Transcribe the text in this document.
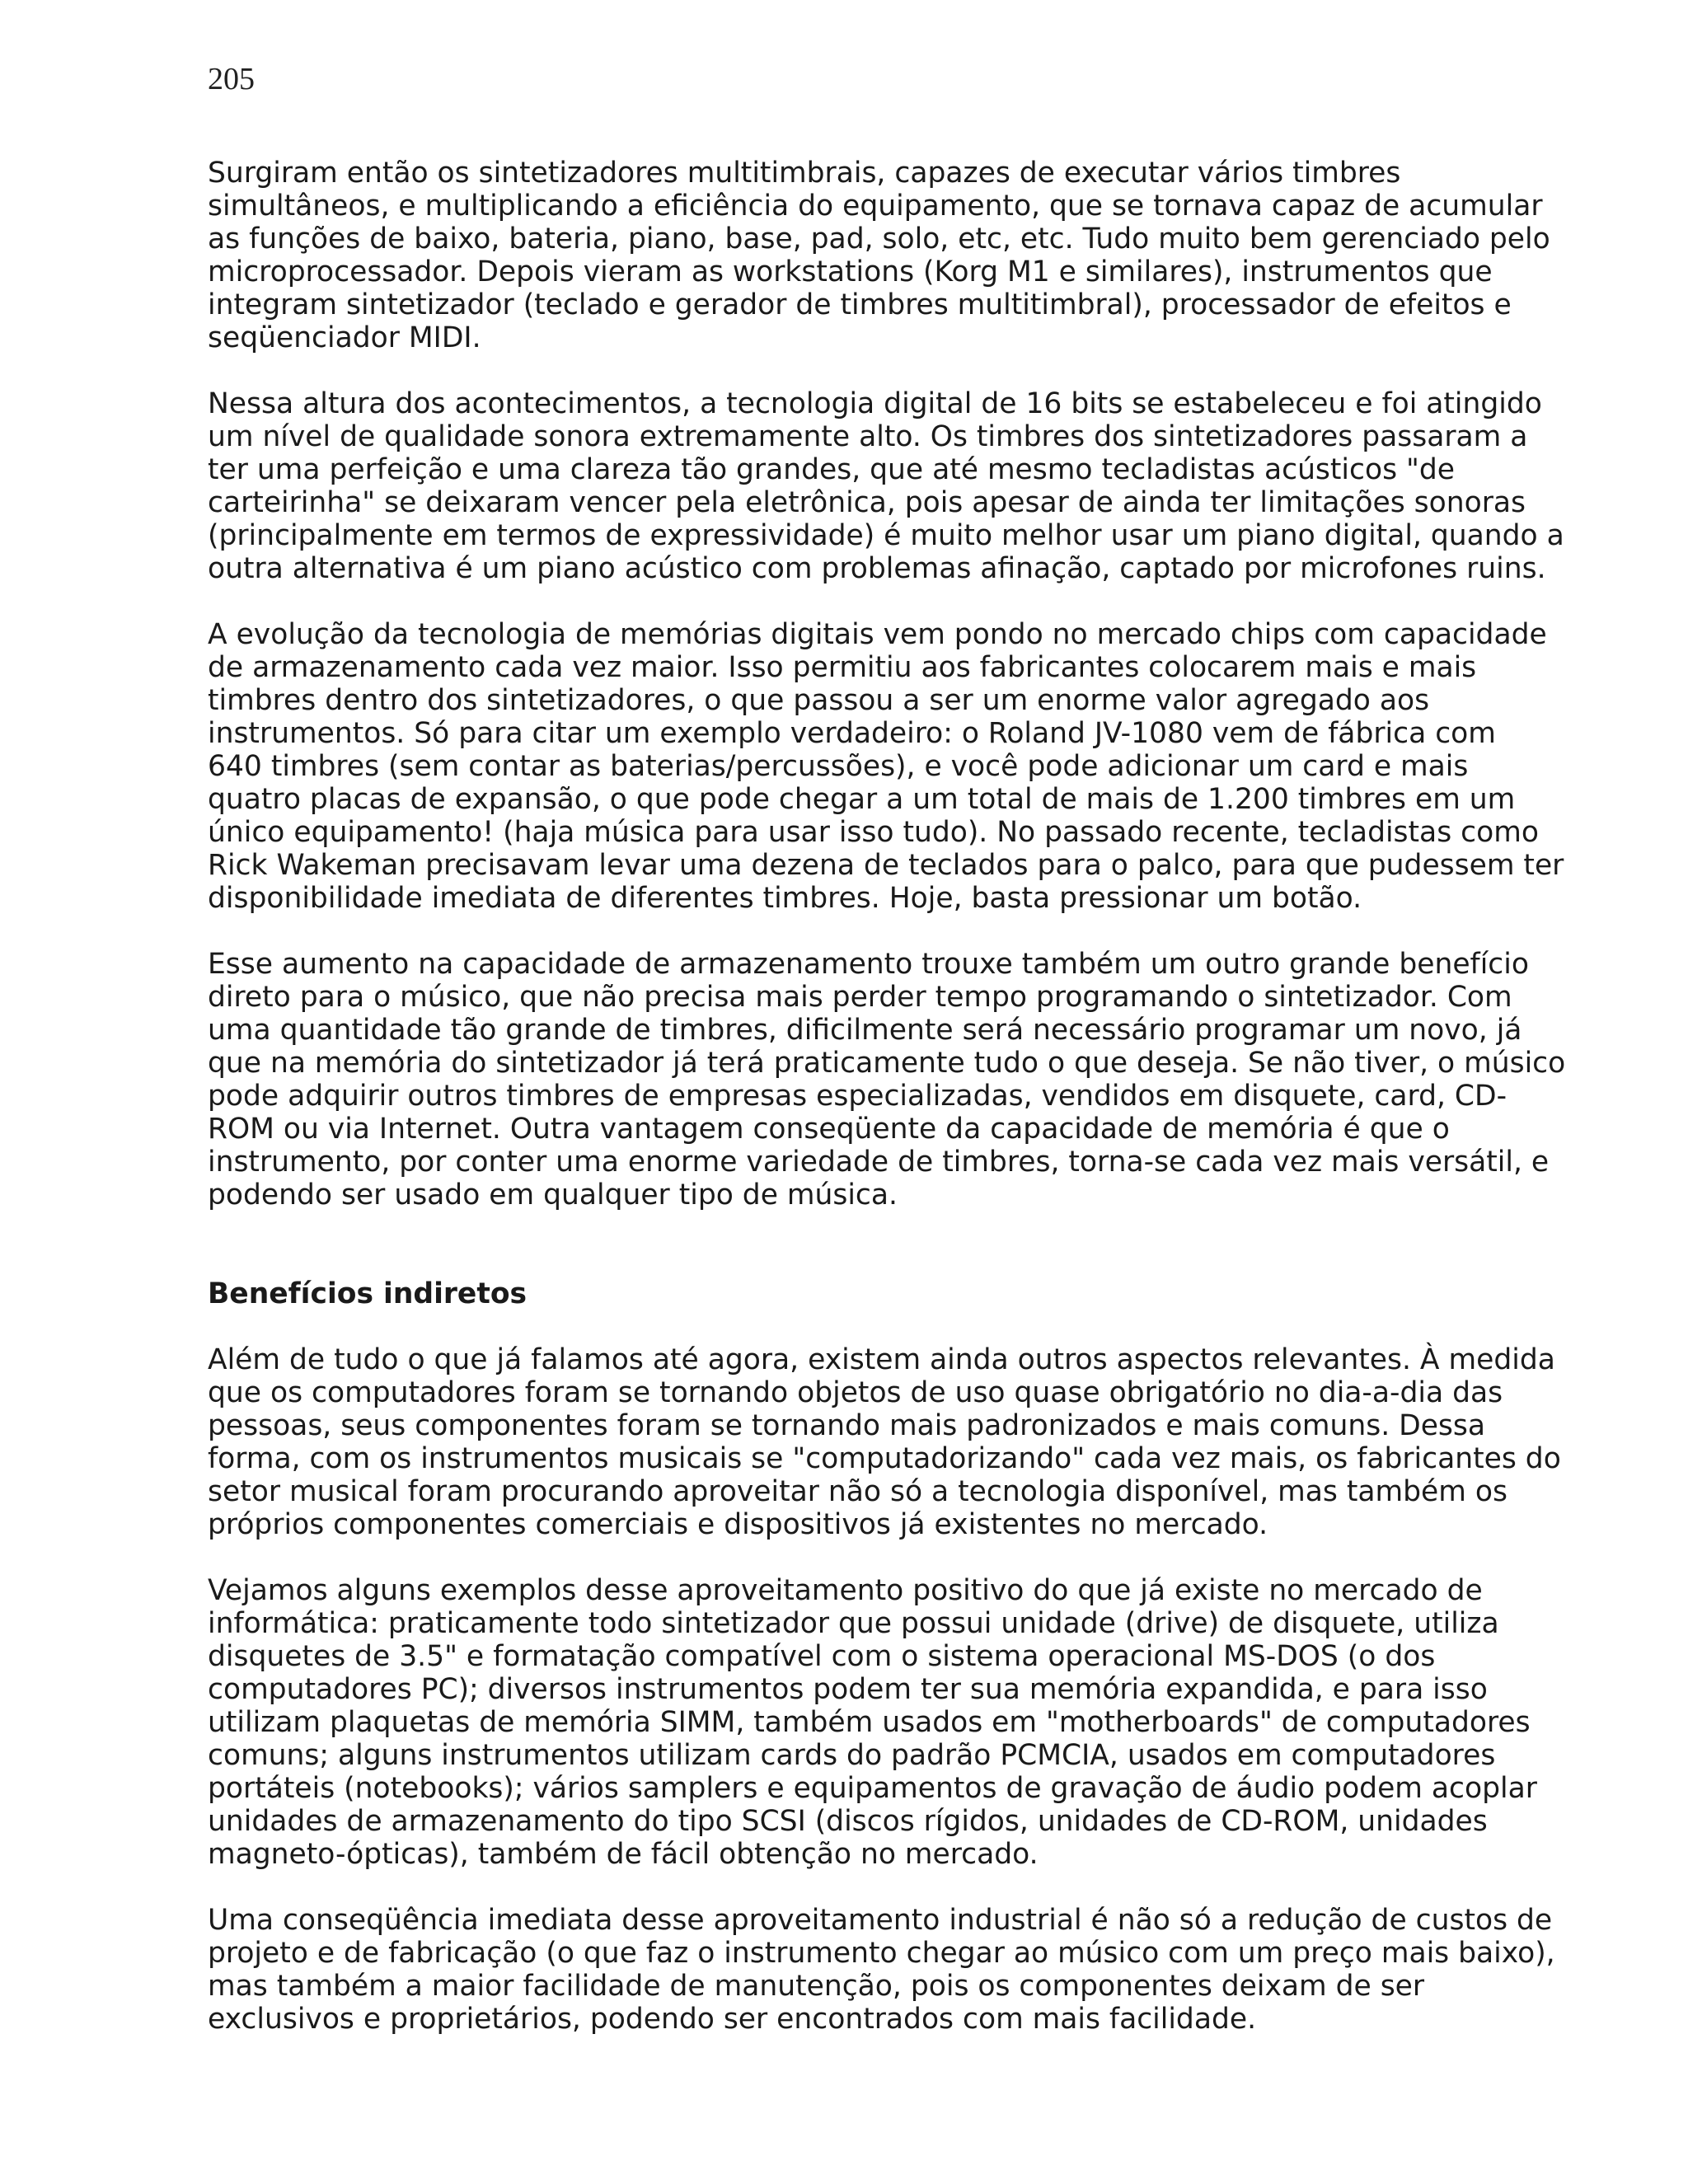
205
Surgiram então os sintetizadores multitimbrais, capazes de executar vários timbres
simultâneos, e multiplicando a eficiência do equipamento, que se tornava capaz de acumular
as funções de baixo, bateria, piano, base, pad, solo, etc, etc. Tudo muito bem gerenciado pelo
microprocessador. Depois vieram as workstations (Korg M1 e similares), instrumentos que
integram sintetizador (teclado e gerador de timbres multitimbral), processador de efeitos e
seqüenciador MIDI.
Nessa altura dos acontecimentos, a tecnologia digital de 16 bits se estabeleceu e foi atingido
um nível de qualidade sonora extremamente alto. Os timbres dos sintetizadores passaram a
ter uma perfeição e uma clareza tão grandes, que até mesmo tecladistas acústicos "de
carteirinha" se deixaram vencer pela eletrônica, pois apesar de ainda ter limitações sonoras
(principalmente em termos de expressividade) é muito melhor usar um piano digital, quando a
outra alternativa é um piano acústico com problemas afinação, captado por microfones ruins.
A evolução da tecnologia de memórias digitais vem pondo no mercado chips com capacidade
de armazenamento cada vez maior. Isso permitiu aos fabricantes colocarem mais e mais
timbres dentro dos sintetizadores, o que passou a ser um enorme valor agregado aos
instrumentos. Só para citar um exemplo verdadeiro: o Roland JV-1080 vem de fábrica com
640 timbres (sem contar as baterias/percussões), e você pode adicionar um card e mais
quatro placas de expansão, o que pode chegar a um total de mais de 1.200 timbres em um
único equipamento! (haja música para usar isso tudo). No passado recente, tecladistas como
Rick Wakeman precisavam levar uma dezena de teclados para o palco, para que pudessem ter
disponibilidade imediata de diferentes timbres. Hoje, basta pressionar um botão.
Esse aumento na capacidade de armazenamento trouxe também um outro grande benefício
direto para o músico, que não precisa mais perder tempo programando o sintetizador. Com
uma quantidade tão grande de timbres, dificilmente será necessário programar um novo, já
que na memória do sintetizador já terá praticamente tudo o que deseja. Se não tiver, o músico
pode adquirir outros timbres de empresas especializadas, vendidos em disquete, card, CD-
ROM ou via Internet. Outra vantagem conseqüente da capacidade de memória é que o
instrumento, por conter uma enorme variedade de timbres, torna-se cada vez mais versátil, e
podendo ser usado em qualquer tipo de música.
Benefícios indiretos
Além de tudo o que já falamos até agora, existem ainda outros aspectos relevantes. À medida
que os computadores foram se tornando objetos de uso quase obrigatório no dia-a-dia das
pessoas, seus componentes foram se tornando mais padronizados e mais comuns. Dessa
forma, com os instrumentos musicais se "computadorizando" cada vez mais, os fabricantes do
setor musical foram procurando aproveitar não só a tecnologia disponível, mas também os
próprios componentes comerciais e dispositivos já existentes no mercado.
Vejamos alguns exemplos desse aproveitamento positivo do que já existe no mercado de
informática: praticamente todo sintetizador que possui unidade (drive) de disquete, utiliza
disquetes de 3.5" e formatação compatível com o sistema operacional MS-DOS (o dos
computadores PC); diversos instrumentos podem ter sua memória expandida, e para isso
utilizam plaquetas de memória SIMM, também usados em "motherboards" de computadores
comuns; alguns instrumentos utilizam cards do padrão PCMCIA, usados em computadores
portáteis (notebooks); vários samplers e equipamentos de gravação de áudio podem acoplar
unidades de armazenamento do tipo SCSI (discos rígidos, unidades de CD-ROM, unidades
magneto-ópticas), também de fácil obtenção no mercado.
Uma conseqüência imediata desse aproveitamento industrial é não só a redução de custos de
projeto e de fabricação (o que faz o instrumento chegar ao músico com um preço mais baixo),
mas também a maior facilidade de manutenção, pois os componentes deixam de ser
exclusivos e proprietários, podendo ser encontrados com mais facilidade.
